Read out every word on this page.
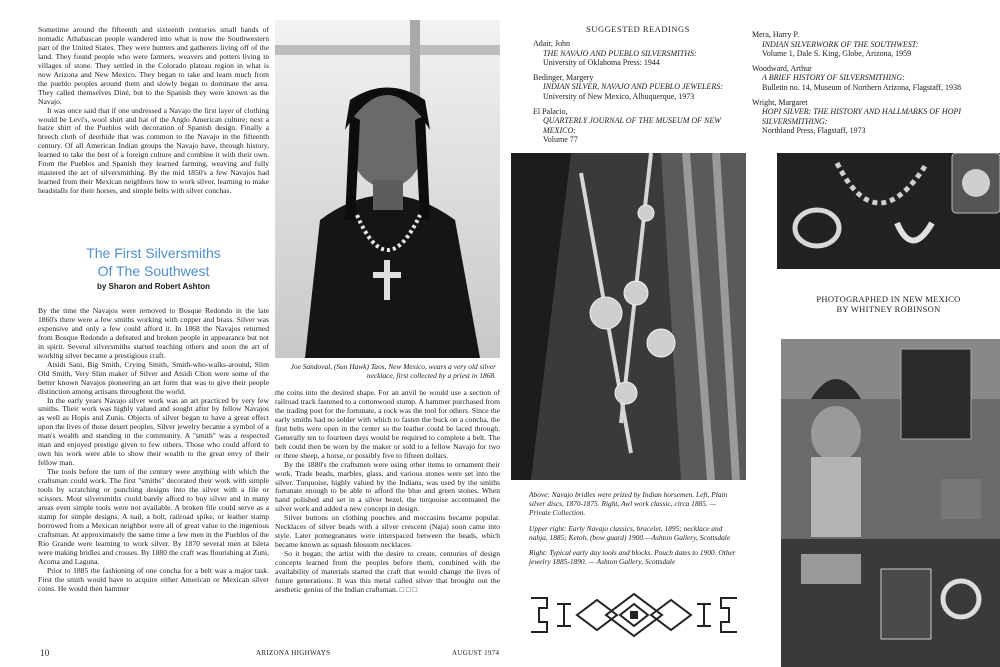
Sometime around the fifteenth and sixteenth centuries small bands of nomadic Athabascan people wandered into what is now the Southwestern part of the United States. They were hunters and gatherers living off of the land. They found people who were farmers, weavers and potters living in villages of stone. They settled in the Colorado plateau region in what is now Arizona and New Mexico. They began to take and learn much from the pueblo peoples around them and slowly began to dominate the area. They called themselves Diné, but to the Spanish they were known as the Navajo.

It was once said that if one undressed a Navajo the first layer of clothing would be Levi's, wool shirt and hat of the Anglo American culture; next a baize shirt of the Pueblos with decoration of Spanish design. Finally a breech cloth of deerhide that was common to the Navajo in the fifteenth century. Of all American Indian groups the Navajo have, through history, learned to take the best of a foreign culture and combine it with their own. From the Pueblos and Spanish they learned farming, weaving and fully mastered the art of silversmithing. By the mid 1850's a few Navajos had learned from their Mexican neighbors how to work silver, learning to make headstalls for their horses, and simple belts with silver conchas.

The First Silversmiths
Of The Southwest
by Sharon and Robert Ashton

By the time the Navajos were removed to Bosque Redondo in the late 1860's there were a few smiths working with copper and brass. Silver was expensive and only a few could afford it. In 1868 the Navajos returned from Bosque Redondo a defeated and broken people in appearance but not in spirit. Several silversmiths started teaching others and soon the art of working silver became a prestigious craft.

Atsidi Sani, Big Smith, Crying Smith, Smith-who-walks-around, Slim Old Smith, Very Slim maker of Silver and Atsidi Clion were some of the better known Navajos pioneering an art form that was to give their people distinction among artisans throughout the world.

In the early years Navajo silver work was an art practiced by very few smiths. Their work was highly valued and sought after by fellow Navajos as well as Hopis and Zunis. Objects of silver began to have a great effect upon the lives of those desert peoples. Silver jewelry became a symbol of a man's wealth and standing in the community. A "smith" was a respected man and enjoyed prestige given to few others. Those who could afford to own his work were able to show their wealth to the great envy of their fellow man.

The tools before the turn of the century were anything with which the craftsman could work. The first "smiths" decorated their work with simple tools by scratching or punching designs into the silver with a file or scissors. Most silversmiths could barely afford to buy silver and in many areas even simple tools were not available. A broken file could serve as a stamp for simple designs. A nail, a bolt, railroad spike, or leather stamp borrowed from a Mexican neighbor were all of great value to the ingenious craftsman. At approximately the same time a few men in the Pueblos of the Rio Grande were learning to work silver. By 1870 several men at Isleta were making bridles and crosses. By 1880 the craft was flourishing at Zuni, Acoma and Laguna.

Prior to 1885 the fashioning of one concha for a belt was a major task. First the smith would have to acquire either American or Mexican silver coins. He would then hammer

Joe Sandoval, (Sun Hawk) Taos, New Mexico, wears a very old silver necklace, first collected by a priest in 1868.

the coins into the desired shape. For an anvil he would use a section of railroad track fastened to a cottonwood stump. A hammer purchased from the trading post for the fortunate, a rock was the tool for others. Since the early smiths had no solder with which to fasten the buck on a concha, the first belts were open in the center so the leather could be laced through. Generally ten to fourteen days would be required to complete a belt. The belt could then be worn by the maker or sold to a fellow Navajo for two or three sheep, a horse, or possibly five to fifteen dollars.

By the 1880's the craftsmen were using other items to ornament their work. Trade beads, marbles, glass, and various stones were set into the silver. Turquoise, highly valued by the Indians, was used by the smiths fortunate enough to be able to afford the blue and green stones. When hand polished and set in a silver bezel, the turquoise accentuated the silver work and added a new concept in design.

Silver buttons on clothing pouches and moccasins became popular. Necklaces of silver beads with a silver crescent (Naja) soon came into style. Later pomegranates were interspaced between the beads, which became known as squash blossom necklaces.

So it began; the artist with the desire to create, centuries of design concepts learned from the peoples before them, combined with the availability of materials started the craft that would change the lives of future generations. It was this metal called silver that brought out the aesthetic genius of the Indian craftsman. □ □ □

10	ARIZONA HIGHWAYS	AUGUST 1974
SUGGESTED READINGS
Adair, John
THE NAVAJO AND PUEBLO SILVERSMITHS:
University of Oklahoma Press: 1944
Bedinger, Margery
INDIAN SILVER, NAVAJO AND PUEBLO JEWELERS:
University of New Mexico, Albuquerque, 1973
El Palacio,
QUARTERLY JOURNAL OF THE MUSEUM OF NEW MEXICO:
Volume 77
Mera, Harry P.
INDIAN SILVERWORK OF THE SOUTHWEST:
Volume 1, Dale S. King, Globe, Arizona, 1959
Woodward, Arthur
A BRIEF HISTORY OF SILVERSMITHING:
Bulletin no. 14, Museum of Northern Arizona, Flagstaff, 1938
Wright, Margaret
HOPI SILVER: THE HISTORY AND HALLMARKS OF HOPI SILVERSMITHING:
Northland Press, Flagstaff, 1973
PHOTOGRAPHED IN NEW MEXICO
BY WHITNEY ROBINSON

Above: Navajo bridles were prized by Indian horsemen. Left, Plain silver discs, 1870-1875. Right, Awl work classic, circa 1885. — Private Collection.

Upper right: Early Navajo classics, bracelet, 1895; necklace and nahja, 1885; Ketoh, (bow guard) 1900.—Ashton Gallery, Scottsdale

Right: Typical early day tools and blocks. Pouch dates to 1900. Other jewelry 1885-1890. — Ashton Gallery, Scottsdale
